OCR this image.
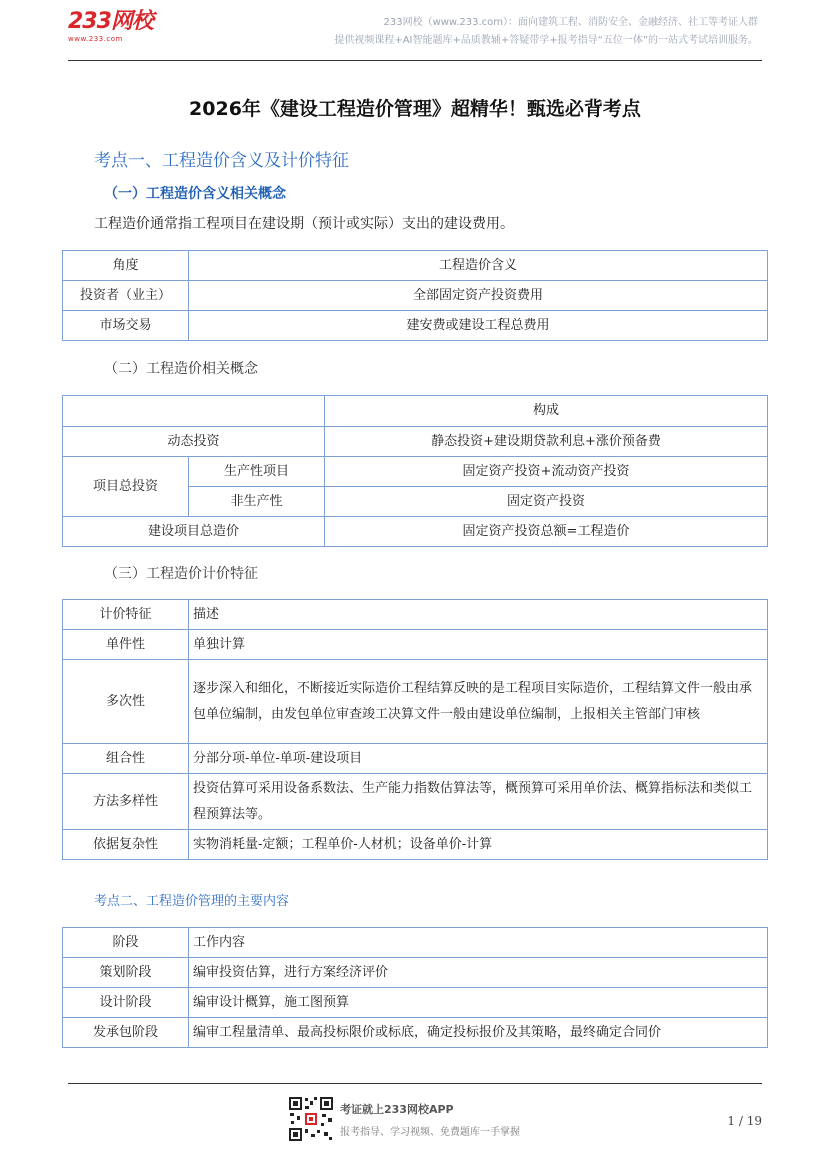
233网校
www.233.com
233网校（www.233.com）：面向建筑工程、消防安全、金融经济、社工等考证人群
提供视频课程+AI智能题库+品质教辅+答疑带学+报考指导“五位一体”的一站式考试培训服务。
2026年《建设工程造价管理》超精华！甄选必背考点
考点一、工程造价含义及计价特征
（一）工程造价含义相关概念
工程造价通常指工程项目在建设期（预计或实际）支出的建设费用。
角度	工程造价含义
投资者（业主）	全部固定资产投资费用
市场交易	建安费或建设工程总费用
（二）工程造价相关概念
		构成
动态投资		静态投资+建设期贷款利息+涨价预备费
项目总投资	生产性项目	固定资产投资+流动资产投资
	非生产性	固定资产投资
建设项目总造价		固定资产投资总额=工程造价
（三）工程造价计价特征
计价特征	描述
单件性	单独计算
多次性	逐步深入和细化，不断接近实际造价工程结算反映的是工程项目实际造价，工程结算文件一般由承包单位编制，由发包单位审查竣工决算文件一般由建设单位编制，上报相关主管部门审核
组合性	分部分项-单位-单项-建设项目
方法多样性	投资估算可采用设备系数法、生产能力指数估算法等，概预算可采用单价法、概算指标法和类似工程预算法等。
依据复杂性	实物消耗量-定额；工程单价-人材机；设备单价-计算
考点二、工程造价管理的主要内容
阶段	工作内容
策划阶段	编审投资估算，进行方案经济评价
设计阶段	编审设计概算，施工图预算
发承包阶段	编审工程量清单、最高投标限价或标底，确定投标报价及其策略，最终确定合同价
考证就上233网校APP
报考指导、学习视频、免费题库一手掌握
1 / 19
